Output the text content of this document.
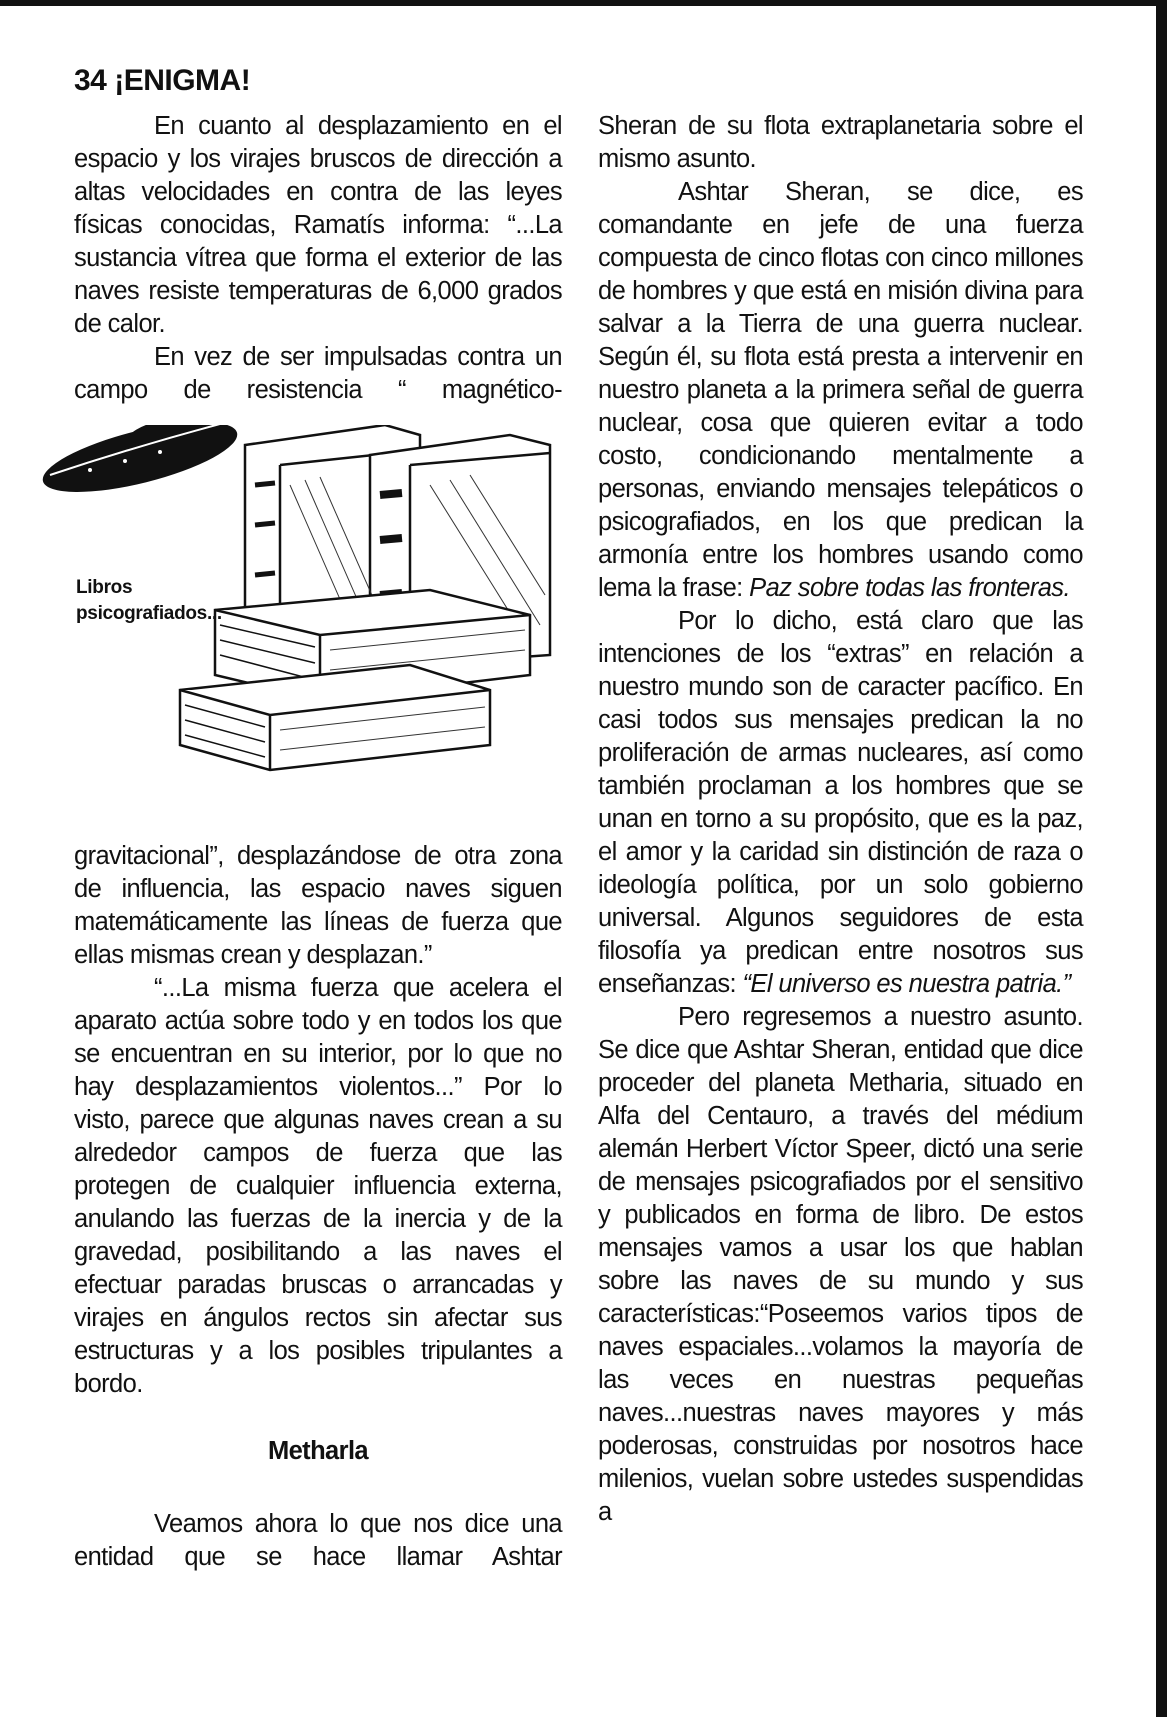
34 ¡ENIGMA!

En cuanto al desplazamiento en el espacio y los virajes bruscos de dirección a altas velocidades en contra de las leyes físicas conocidas, Ramatís informa: “...La sustancia vítrea que forma el exterior de las naves resiste temperaturas de 6,000 grados de calor.

En vez de ser impulsadas contra un campo de resistencia “ magnético-

Libros
psicografiados...

gravitacional”, desplazándose de otra zona de influencia, las espacio naves siguen matemáticamente las líneas de fuerza que ellas mismas crean y desplazan.”

“...La misma fuerza que acelera el aparato actúa sobre todo y en todos los que se encuentran en su interior, por lo que no hay desplazamientos violentos...” Por lo visto, parece que algunas naves crean a su alrededor campos de fuerza que las protegen de cualquier influencia externa, anulando las fuerzas de la inercia y de la gravedad, posibilitando a las naves el efectuar paradas bruscas o arrancadas y virajes en ángulos rectos sin afectar sus estructuras y a los posibles tripulantes a bordo.

Metharla

Veamos ahora lo que nos dice una entidad que se hace llamar Ashtar

Sheran de su flota extraplanetaria sobre el mismo asunto.

Ashtar Sheran, se dice, es comandante en jefe de una fuerza compuesta de cinco flotas con cinco millones de hombres y que está en misión divina para salvar a la Tierra de una guerra nuclear. Según él, su flota está presta a intervenir en nuestro planeta a la primera señal de guerra nuclear, cosa que quieren evitar a todo costo, condicionando mentalmente a personas, enviando mensajes telepáticos o psicografiados, en los que predican la armonía entre los hombres usando como lema la frase: Paz sobre todas las fronteras.

Por lo dicho, está claro que las intenciones de los “extras” en relación a nuestro mundo son de caracter pacífico. En casi todos sus mensajes predican la no proliferación de armas nucleares, así como también proclaman a los hombres que se unan en torno a su propósito, que es la paz, el amor y la caridad sin distinción de raza o ideología política, por un solo gobierno universal. Algunos seguidores de esta filosofía ya predican entre nosotros sus enseñanzas: “El universo es nuestra patria.”

Pero regresemos a nuestro asunto. Se dice que Ashtar Sheran, entidad que dice proceder del planeta Metharia, situado en Alfa del Centauro, a través del médium alemán Herbert Víctor Speer, dictó una serie de mensajes psicografiados por el sensitivo y publicados en forma de libro. De estos mensajes vamos a usar los que hablan sobre las naves de su mundo y sus características:“Poseemos varios tipos de naves espaciales...volamos la mayoría de las veces en nuestras pequeñas naves...nuestras naves mayores y más poderosas, construidas por nosotros hace milenios, vuelan sobre ustedes suspendidas a
